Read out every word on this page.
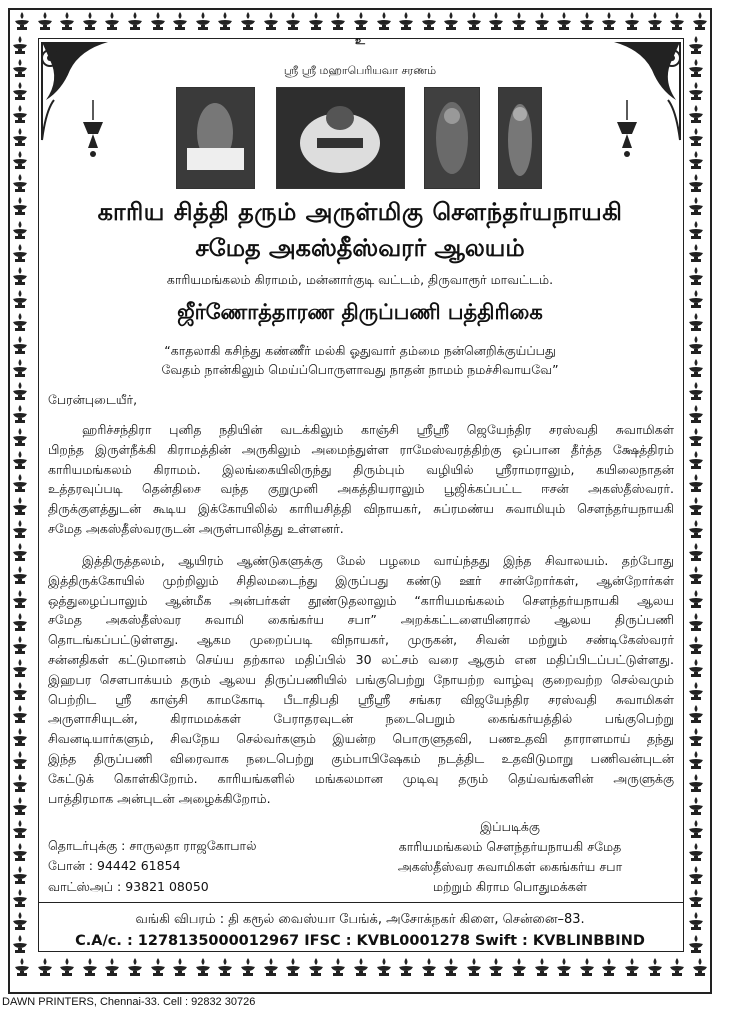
உ
ஸ்ரீ ஸ்ரீ மஹாபெரியவா சரணம்
காரிய சித்தி தரும் அருள்மிகு சௌந்தர்யநாயகி
சமேத அகஸ்தீஸ்வரர் ஆலயம்
காரியமங்கலம் கிராமம், மன்னார்குடி வட்டம், திருவாரூர் மாவட்டம்.
ஜீர்ணோத்தாரண திருப்பணி பத்திரிகை
“காதலாகி கசிந்து கண்ணீர் மல்கி ஓதுவார் தம்மை நன்னெறிக்குய்ப்பது
வேதம் நான்கிலும் மெய்ப்பொருளாவது நாதன் நாமம் நமச்சிவாயவே”
பேரன்புடையீர்,
ஹரிச்சந்திரா புனித நதியின் வடக்கிலும் காஞ்சி ஸ்ரீஸ்ரீ ஜெயேந்திர சரஸ்வதி சுவாமிகள்
பிறந்த இருள்நீக்கி கிராமத்தின் அருகிலும் அமைந்துள்ள ராமேஸ்வரத்திற்கு ஒப்பான தீர்த்த க்ஷேத்திரம்
காரியமங்கலம் கிராமம். இலங்கையிலிருந்து திரும்பும் வழியில் ஸ்ரீராமராலும், கயிலைநாதன்
உத்தரவுப்படி தென்திசை வந்த குறுமுனி அகத்தியராலும் பூஜிக்கப்பட்ட ஈசன் அகஸ்தீஸ்வரர்.
திருக்குளத்துடன் கூடிய இக்கோயிலில் காரியசித்தி விநாயகர், சுப்ரமண்ய சுவாமியும் சௌந்தர்யநாயகி
சமேத அகஸ்தீஸ்வரருடன் அருள்பாலித்து உள்ளனர்.
இத்திருத்தலம், ஆயிரம் ஆண்டுகளுக்கு மேல் பழமை வாய்ந்தது இந்த சிவாலயம். தற்போது
இத்திருக்கோயில் முற்றிலும் சிதிலமடைந்து இருப்பது கண்டு ஊர் சான்றோர்கள், ஆன்றோர்கள்
ஒத்துழைப்பாலும் ஆன்மீக அன்பர்கள் தூண்டுதலாலும் “காரியமங்கலம் சௌந்தர்யநாயகி ஆலய
சமேத அகஸ்தீஸ்வர சுவாமி கைங்கர்ய சபா” அறக்கட்டளையினரால் ஆலய திருப்பணி
தொடங்கப்பட்டுள்ளது. ஆகம முறைப்படி விநாயகர், முருகன், சிவன் மற்றும் சண்டிகேஸ்வரர்
சன்னதிகள் கட்டுமானம் செய்ய தற்கால மதிப்பில் 30 லட்சம் வரை ஆகும் என மதிப்பிடப்பட்டுள்ளது.
இஹபர சௌபாக்யம் தரும் ஆலய திருப்பணியில் பங்குபெற்று நோயற்ற வாழ்வு குறைவற்ற செல்வமும்
பெற்றிட ஸ்ரீ காஞ்சி காமகோடி பீடாதிபதி ஸ்ரீஸ்ரீ சங்கர விஜயேந்திர சரஸ்வதி சுவாமிகள்
அருளாசியுடன், கிராமமக்கள் பேராதரவுடன் நடைபெறும் கைங்கர்யத்தில் பங்குபெற்று
சிவனடியார்களும், சிவநேய செல்வர்களும் இயன்ற பொருளுதவி, பணஉதவி தாராளமாய் தந்து
இந்த திருப்பணி விரைவாக நடைபெற்று கும்பாபிஷேகம் நடத்திட உதவிடுமாறு பணிவன்புடன்
கேட்டுக் கொள்கிறோம். காரியங்களில் மங்கலமான முடிவு தரும் தெய்வங்களின் அருளுக்கு
பாத்திரமாக அன்புடன் அழைக்கிறோம்.
தொடர்புக்கு : சாருலதா ராஜகோபால்
போன் : 94442 61854
வாட்ஸ்அப் : 93821 08050
இப்படிக்கு
காரியமங்கலம் சௌந்தர்யநாயகி சமேத
அகஸ்தீஸ்வர சுவாமிகள் கைங்கர்ய சபா
மற்றும் கிராம பொதுமக்கள்
வங்கி விபரம் : தி கரூல் வைஸ்யா பேங்க், அசோக்நகர் கிளை, சென்னை–83.
C.A/c. : 1278135000012967 IFSC : KVBL0001278 Swift : KVBLINBBIND
DAWN PRINTERS, Chennai-33. Cell : 92832 30726
